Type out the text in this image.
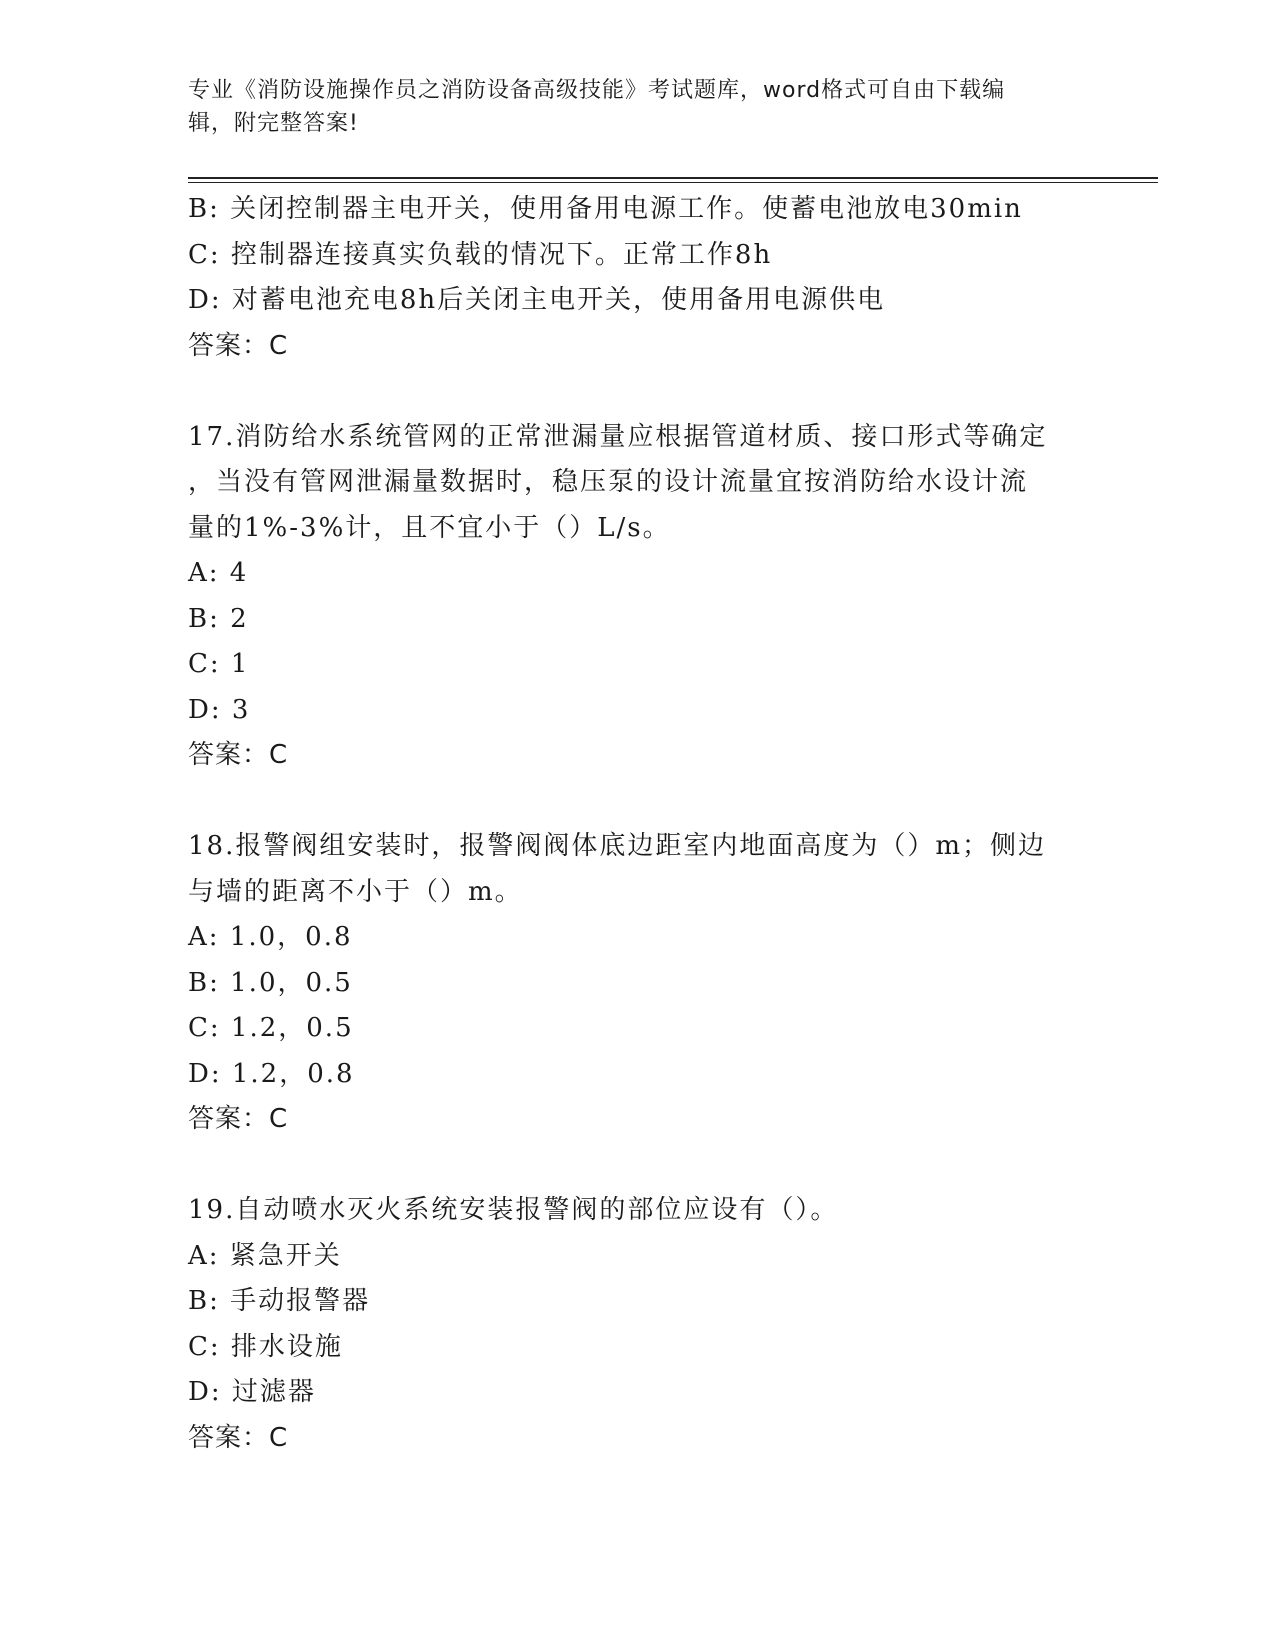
专业《消防设施操作员之消防设备高级技能》考试题库，word格式可自由下载编
辑，附完整答案!
B: 关闭控制器主电开关，使用备用电源工作。使蓄电池放电30min
C: 控制器连接真实负载的情况下。正常工作8h
D: 对蓄电池充电8h后关闭主电开关，使用备用电源供电
答案：C
17.消防给水系统管网的正常泄漏量应根据管道材质、接口形式等确定
，当没有管网泄漏量数据时，稳压泵的设计流量宜按消防给水设计流
量的1%-3%计，且不宜小于（）L/s。
A: 4
B: 2
C: 1
D: 3
答案：C
18.报警阀组安装时，报警阀阀体底边距室内地面高度为（）m；侧边
与墙的距离不小于（）m。
A: 1.0，0.8
B: 1.0，0.5
C: 1.2，0.5
D: 1.2，0.8
答案：C
19.自动喷水灭火系统安装报警阀的部位应设有（）。
A: 紧急开关
B: 手动报警器
C: 排水设施
D: 过滤器
答案：C
